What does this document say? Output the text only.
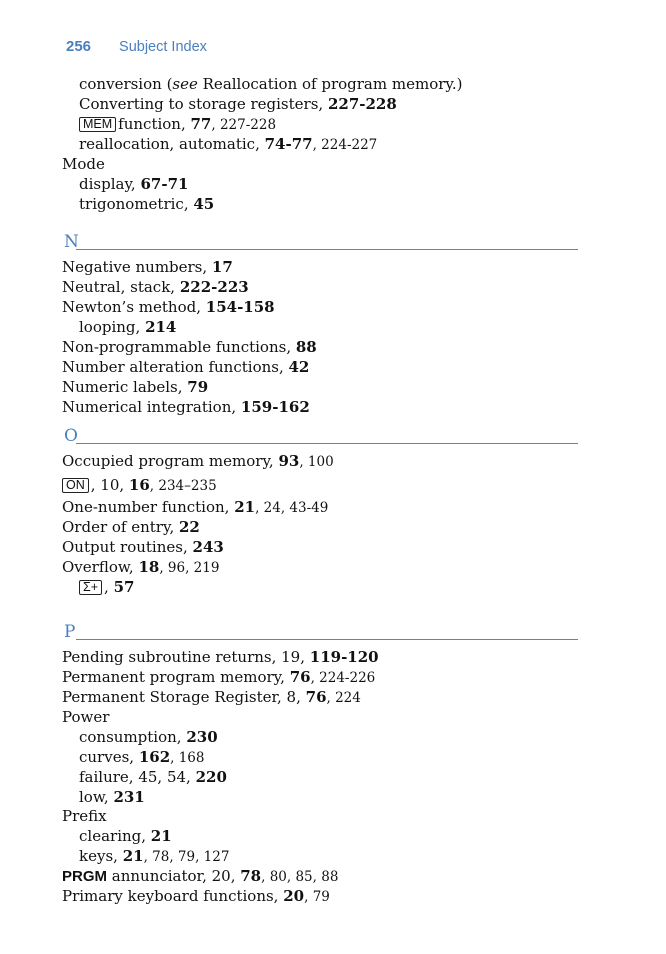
256 Subject Index
conversion (see Reallocation of program memory.)
Converting to storage registers, 227-228
MEM function, 77, 227-228
reallocation, automatic, 74-77, 224-227
Mode
display, 67-71
trigonometric, 45
N
Negative numbers, 17
Neutral, stack, 222-223
Newton’s method, 154-158
looping, 214
Non-programmable functions, 88
Number alteration functions, 42
Numeric labels, 79
Numerical integration, 159-162
O
Occupied program memory, 93, 100
ON , 10, 16, 234–235
One-number function, 21, 24, 43-49
Order of entry, 22
Output routines, 243
Overflow, 18, 96, 219
Σ+ , 57
P
Pending subroutine returns, 19, 119-120
Permanent program memory, 76, 224-226
Permanent Storage Register, 8, 76, 224
Power
consumption, 230
curves, 162, 168
failure, 45, 54, 220
low, 231
Prefix
clearing, 21
keys, 21, 78, 79, 127
PRGM annunciator, 20, 78, 80, 85, 88
Primary keyboard functions, 20, 79
